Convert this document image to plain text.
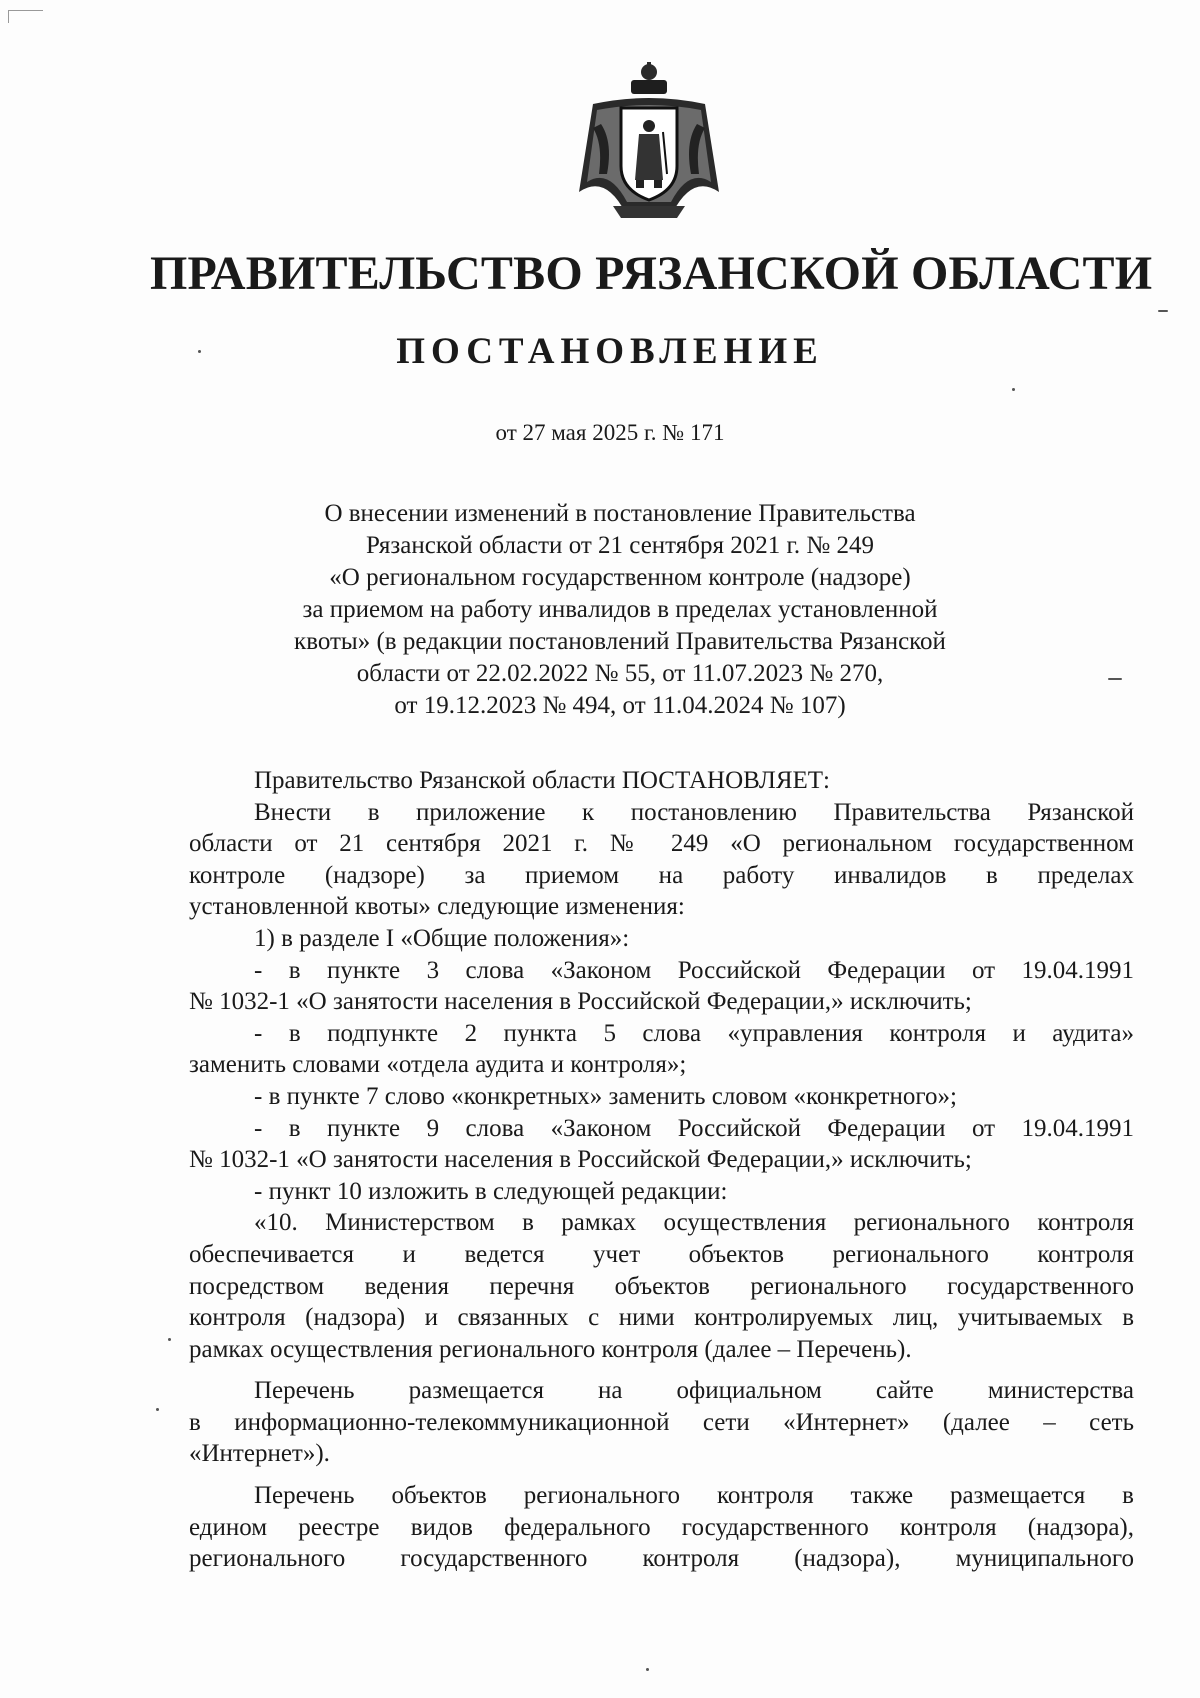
ПРАВИТЕЛЬСТВО РЯЗАНСКОЙ ОБЛАСТИ
ПОСТАНОВЛЕНИЕ
от 27 мая 2025 г. № 171
О внесении изменений в постановление Правительства
Рязанской области от 21 сентября 2021 г. № 249
«О региональном государственном контроле (надзоре)
за приемом на работу инвалидов в пределах установленной
квоты» (в редакции постановлений Правительства Рязанской
области от 22.02.2022 № 55, от 11.07.2023 № 270,
от 19.12.2023 № 494, от 11.04.2024 № 107)
Правительство Рязанской области ПОСТАНОВЛЯЕТ:
Внести в приложение к постановлению Правительства Рязанской
области от 21 сентября 2021 г. № 249 «О региональном государственном
контроле (надзоре) за приемом на работу инвалидов в пределах
установленной квоты» следующие изменения:
1) в разделе I «Общие положения»:
- в пункте 3 слова «Законом Российской Федерации от 19.04.1991
№ 1032-1 «О занятости населения в Российской Федерации,» исключить;
- в подпункте 2 пункта 5 слова «управления контроля и аудита»
заменить словами «отдела аудита и контроля»;
- в пункте 7 слово «конкретных» заменить словом «конкретного»;
- в пункте 9 слова «Законом Российской Федерации от 19.04.1991
№ 1032-1 «О занятости населения в Российской Федерации,» исключить;
- пункт 10 изложить в следующей редакции:
«10. Министерством в рамках осуществления регионального контроля
обеспечивается и ведется учет объектов регионального контроля
посредством ведения перечня объектов регионального государственного
контроля (надзора) и связанных с ними контролируемых лиц, учитываемых в
рамках осуществления регионального контроля (далее – Перечень).
Перечень размещается на официальном сайте министерства
в информационно-телекоммуникационной сети «Интернет» (далее – сеть
«Интернет»).
Перечень объектов регионального контроля также размещается в
едином реестре видов федерального государственного контроля (надзора),
регионального государственного контроля (надзора), муниципального
